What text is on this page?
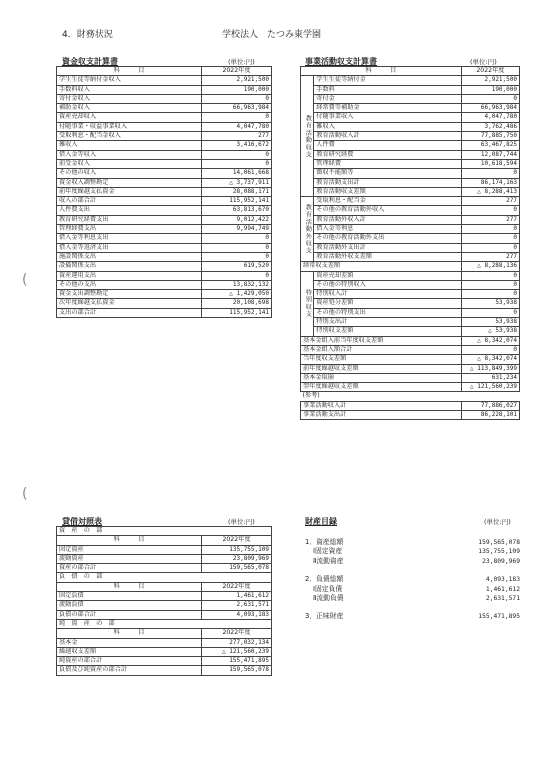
4．財務状況	学校法人　たつみ東学園
(
(
資金収支計算書	(単位:円)
科　　　目	2022年度
学生生徒等納付金収入	2,921,500
手数料収入	190,000
寄付金収入	0
補助金収入	66,963,984
資産売却収入	0
付随事業・収益事業収入	4,047,780
受取利息・配当金収入	277
雑収入	3,416,672
借入金等収入	0
前受金収入	0
その他の収入	14,061,668
資金収入調整勘定	△ 3,737,911
前年度繰越支払資金	28,088,171
収入の部合計	115,952,141
人件費支出	63,813,670
教育研究経費支出	9,012,422
管理経費支出	9,994,749
借入金等利息支出	0
借入金等返済支出	0
施設関係支出	0
設備関係支出	619,520
資産運用支出	0
その他の支出	13,832,132
資金支出調整勘定	△ 1,429,050
次年度繰越支払資金	20,108,698
支出の部合計	115,952,141
事業活動収支計算書	(単位:円)
科　　　目		2022年度
教育活動収支	学生生徒等納付金	2,921,500
	手数料	190,000
	寄付金	0
	経常費等補助金	66,963,984
	付随事業収入	4,047,780
	雑収入	3,762,486
	教育活動収入計	77,885,750
	人件費	63,467,825
	教育研究経費	12,087,744
	管理経費	10,618,594
	徴収不能額等	0
	教育活動支出計	86,174,163
	教育活動収支差額	△ 8,288,413
教育活動外収支	受取利息・配当金	277
	その他の教育活動外収入	0
	教育活動外収入計	277
	借入金等利息	0
	その他の教育活動外支出	0
	教育活動外支出計	0
	教育活動外収支差額	277
経常収支差額		△ 8,288,136
特別収支	資産売却差額	0
	その他の特別収入	0
	特別収入計	0
	資産処分差額	53,938
	その他の特別支出	0
	特別支出計	53,938
	特別収支差額	△ 53,938
基本金組入前当年度収支差額		△ 8,342,074
基本金組入額合計		0
当年度収支差額		△ 8,342,074
前年度繰越収支差額		△ 113,849,399
基本金取崩		631,234
翌年度繰越収支差額		△ 121,560,239
(参考)		
事業活動収入計		77,886,027
事業活動支出計		86,228,101
貸借対照表	(単位:円)
資　産　の　部	
科　　　目	2022年度
固定資産	135,755,109
流動資産	23,809,969
資産の部合計	159,565,078
負　債　の　部	
科　　　目	2022年度
固定負債	1,461,612
流動負債	2,631,571
負債の部合計	4,093,183
純　資　産　の　部	
科　　　目	2022年度
基本金	277,032,134
繰越収支差額	△ 121,560,239
純資産の部合計	155,471,895
負債及び純資産の部合計	159,565,078
財産目録	(単位:円)
1．資産総額	159,565,078
Ⅰ固定資産	135,755,109
Ⅱ流動資産	23,809,969
2．負債総額	4,093,183
Ⅰ固定負債	1,461,612
Ⅱ流動負債	2,631,571
3．正味財産	155,471,895
